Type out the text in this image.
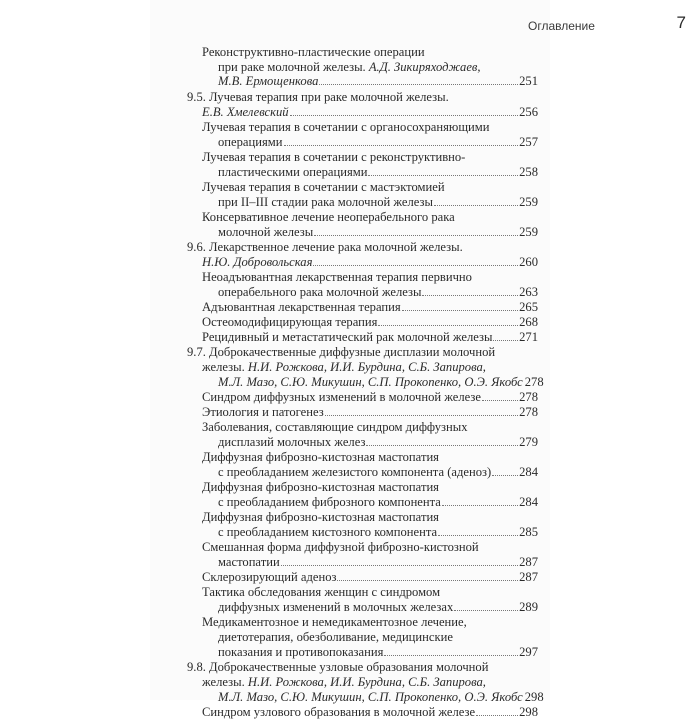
Оглавление	7
Реконструктивно-пластические операции
при раке молочной железы. А.Д. Зикиряходжаев,
М.В. Ермощенкова	251
9.5. Лучевая терапия при раке молочной железы.
Е.В. Хмелевский	256
Лучевая терапия в сочетании с органосохраняющими
операциями	257
Лучевая терапия в сочетании с реконструктивно-
пластическими операциями	258
Лучевая терапия в сочетании с мастэктомией
при II–III стадии рака молочной железы	259
Консервативное лечение неоперабельного рака
молочной железы	259
9.6. Лекарственное лечение рака молочной железы.
Н.Ю. Добровольская	260
Неоадъювантная лекарственная терапия первично
операбельного рака молочной железы	263
Адъювантная лекарственная терапия	265
Остеомодифицирующая терапия	268
Рецидивный и метастатический рак молочной железы 271
9.7. Доброкачественные диффузные дисплазии молочной
железы. Н.И. Рожкова, И.И. Бурдина, С.Б. Запирова,
М.Л. Мазо, С.Ю. Микушин, С.П. Прокопенко, О.Э. Якобс 278
Синдром диффузных изменений в молочной железе	278
Этиология и патогенез	278
Заболевания, составляющие синдром диффузных
дисплазий молочных желез	279
Диффузная фиброзно-кистозная мастопатия
с преобладанием железистого компонента (аденоз) 284
Диффузная фиброзно-кистозная мастопатия
с преобладанием фиброзного компонента	284
Диффузная фиброзно-кистозная мастопатия
с преобладанием кистозного компонента	285
Смешанная форма диффузной фиброзно-кистозной
мастопатии	287
Склерозирующий аденоз	287
Тактика обследования женщин с синдромом
диффузных изменений в молочных железах	289
Медикаментозное и немедикаментозное лечение,
диетотерапия, обезболивание, медицинские
показания и противопоказания	297
9.8. Доброкачественные узловые образования молочной
железы. Н.И. Рожкова, И.И. Бурдина, С.Б. Запирова,
М.Л. Мазо, С.Ю. Микушин, С.П. Прокопенко, О.Э. Якобс 298
Синдром узлового образования в молочной железе	298
